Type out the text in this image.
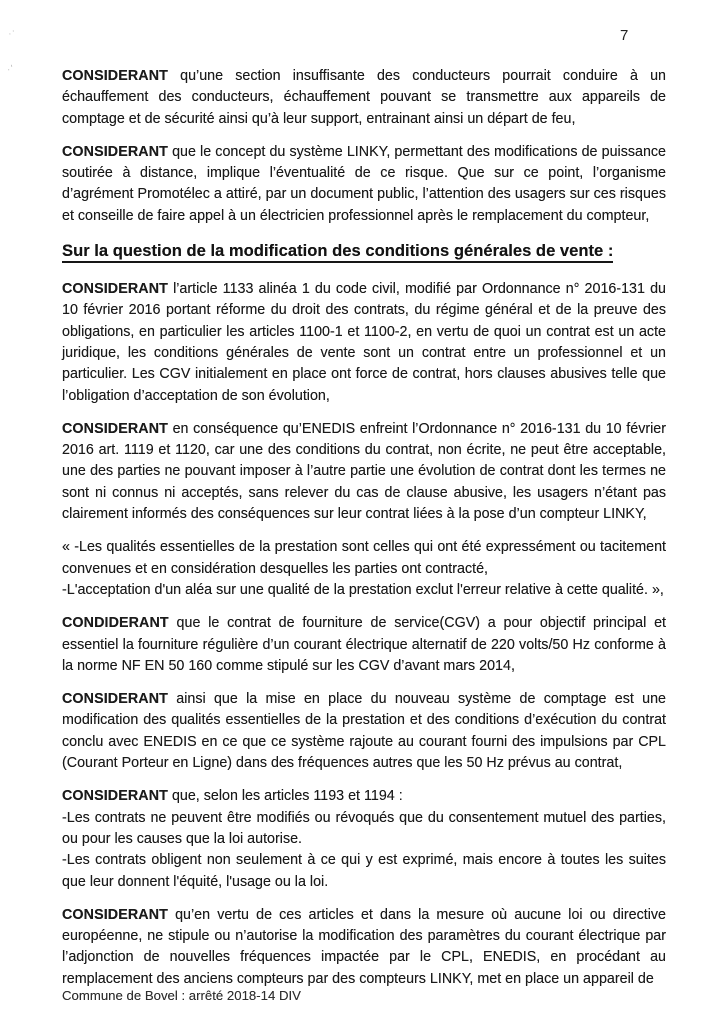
.·
·'
7

CONSIDERANT qu’une section insuffisante des conducteurs pourrait conduire à un échauffement des conducteurs, échauffement pouvant se transmettre aux appareils de comptage et de sécurité ainsi qu’à leur support, entrainant ainsi un départ de feu,

CONSIDERANT que le concept du système LINKY, permettant des modifications de puissance soutirée à distance, implique l’éventualité de ce risque. Que sur ce point, l’organisme d’agrément Promotélec a attiré, par un document public, l’attention des usagers sur ces risques et conseille de faire appel à un électricien professionnel après le remplacement du compteur,

Sur la question de la modification des conditions générales de vente :

CONSIDERANT l’article 1133 alinéa 1 du code civil, modifié par Ordonnance n° 2016-131 du 10 février 2016 portant réforme du droit des contrats, du régime général et de la preuve des obligations, en particulier les articles 1100-1 et 1100-2, en vertu de quoi un contrat est un acte juridique, les conditions générales de vente sont un contrat entre un professionnel et un particulier. Les CGV initialement en place ont force de contrat, hors clauses abusives telle que l’obligation d’acceptation de son évolution,

CONSIDERANT en conséquence qu’ENEDIS enfreint l’Ordonnance n° 2016-131 du 10 février 2016 art. 1119 et 1120, car une des conditions du contrat, non écrite, ne peut être acceptable, une des parties ne pouvant imposer à l’autre partie une évolution de contrat dont les termes ne sont ni connus ni acceptés, sans relever du cas de clause abusive, les usagers n’étant pas clairement informés des conséquences sur leur contrat liées à la pose d’un compteur LINKY,

« -Les qualités essentielles de la prestation sont celles qui ont été expressément ou tacitement convenues et en considération desquelles les parties ont contracté,
-L'acceptation d'un aléa sur une qualité de la prestation exclut l'erreur relative à cette qualité. »,

CONDIDERANT que le contrat de fourniture de service(CGV) a pour objectif principal et essentiel la fourniture régulière d’un courant électrique alternatif de 220 volts/50 Hz conforme à la norme NF EN 50 160 comme stipulé sur les CGV d’avant mars 2014,

CONSIDERANT ainsi que la mise en place du nouveau système de comptage est une modification des qualités essentielles de la prestation et des conditions d’exécution du contrat conclu avec ENEDIS en ce que ce système rajoute au courant fourni des impulsions par CPL (Courant Porteur en Ligne) dans des fréquences autres que les 50 Hz prévus au contrat,

CONSIDERANT que, selon les articles 1193 et 1194 :
-Les contrats ne peuvent être modifiés ou révoqués que du consentement mutuel des parties, ou pour les causes que la loi autorise.
-Les contrats obligent non seulement à ce qui y est exprimé, mais encore à toutes les suites que leur donnent l'équité, l'usage ou la loi.

CONSIDERANT qu’en vertu de ces articles et dans la mesure où aucune loi ou directive européenne, ne stipule ou n’autorise la modification des paramètres du courant électrique par l’adjonction de nouvelles fréquences impactée par le CPL, ENEDIS, en procédant au remplacement des anciens compteurs par des compteurs LINKY, met en place un appareil de

Commune de Bovel : arrêté 2018-14 DIV
